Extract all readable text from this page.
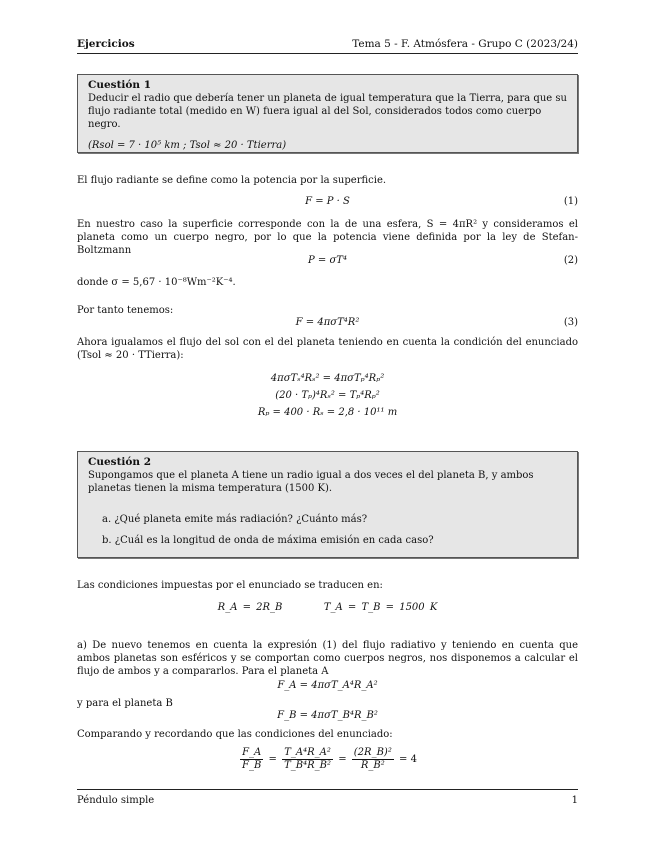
Ejercicios	Tema 5 - F. Atmósfera - Grupo C (2023/24)
Cuestión 1

Deducir el radio que debería tener un planeta de igual temperatura que la Tierra, para que su flujo radiante total (medido en W) fuera igual al del Sol, considerados todos como cuerpo negro.

(Rsol = 7 · 10⁵ km ; Tsol ≈ 20 · Ttierra)

El flujo radiante se define como la potencia por la superficie.
F = P · S	(1)
En nuestro caso la superficie corresponde con la de una esfera, S = 4πR² y consideramos el planeta como un cuerpo negro, por lo que la potencia viene definida por la ley de Stefan-Boltzmann
P = σT⁴	(2)
donde σ = 5,67 · 10⁻⁸Wm⁻²K⁻⁴.
Por tanto tenemos:
F = 4πσT⁴R²	(3)
Ahora igualamos el flujo del sol con el del planeta teniendo en cuenta la condición del enunciado (Tsol ≈ 20 · TTierra):
4πσTₛ⁴Rₛ² = 4πσTₚ⁴Rₚ²
(20 · Tₚ)⁴Rₛ² = Tₚ⁴Rₚ²
Rₚ = 400 · Rₛ = 2,8 · 10¹¹ m
Cuestión 2

Supongamos que el planeta A tiene un radio igual a dos veces el del planeta B, y ambos planetas tienen la misma temperatura (1500 K).

a. ¿Qué planeta emite más radiación? ¿Cuánto más?
b. ¿Cuál es la longitud de onda de máxima emisión en cada caso?
Las condiciones impuestas por el enunciado se traducen en:
R_A = 2R_B        T_A = T_B = 1500 K
a) De nuevo tenemos en cuenta la expresión (1) del flujo radiativo y teniendo en cuenta que ambos planetas son esféricos y se comportan como cuerpos negros, nos disponemos a calcular el flujo de ambos y a compararlos. Para el planeta A
F_A = 4πσT_A⁴R_A²
y para el planeta B
F_B = 4πσT_B⁴R_B²
Comparando y recordando que las condiciones del enunciado:
$\frac{F\_A}{F\_B} = \frac{\text{T\_A⁴R\_A²}}{\text{T\_B⁴R\_B²}} = \frac{\text{(2R\_B)²}}{\text{R\_B²}} = 4$
Péndulo simple	1
